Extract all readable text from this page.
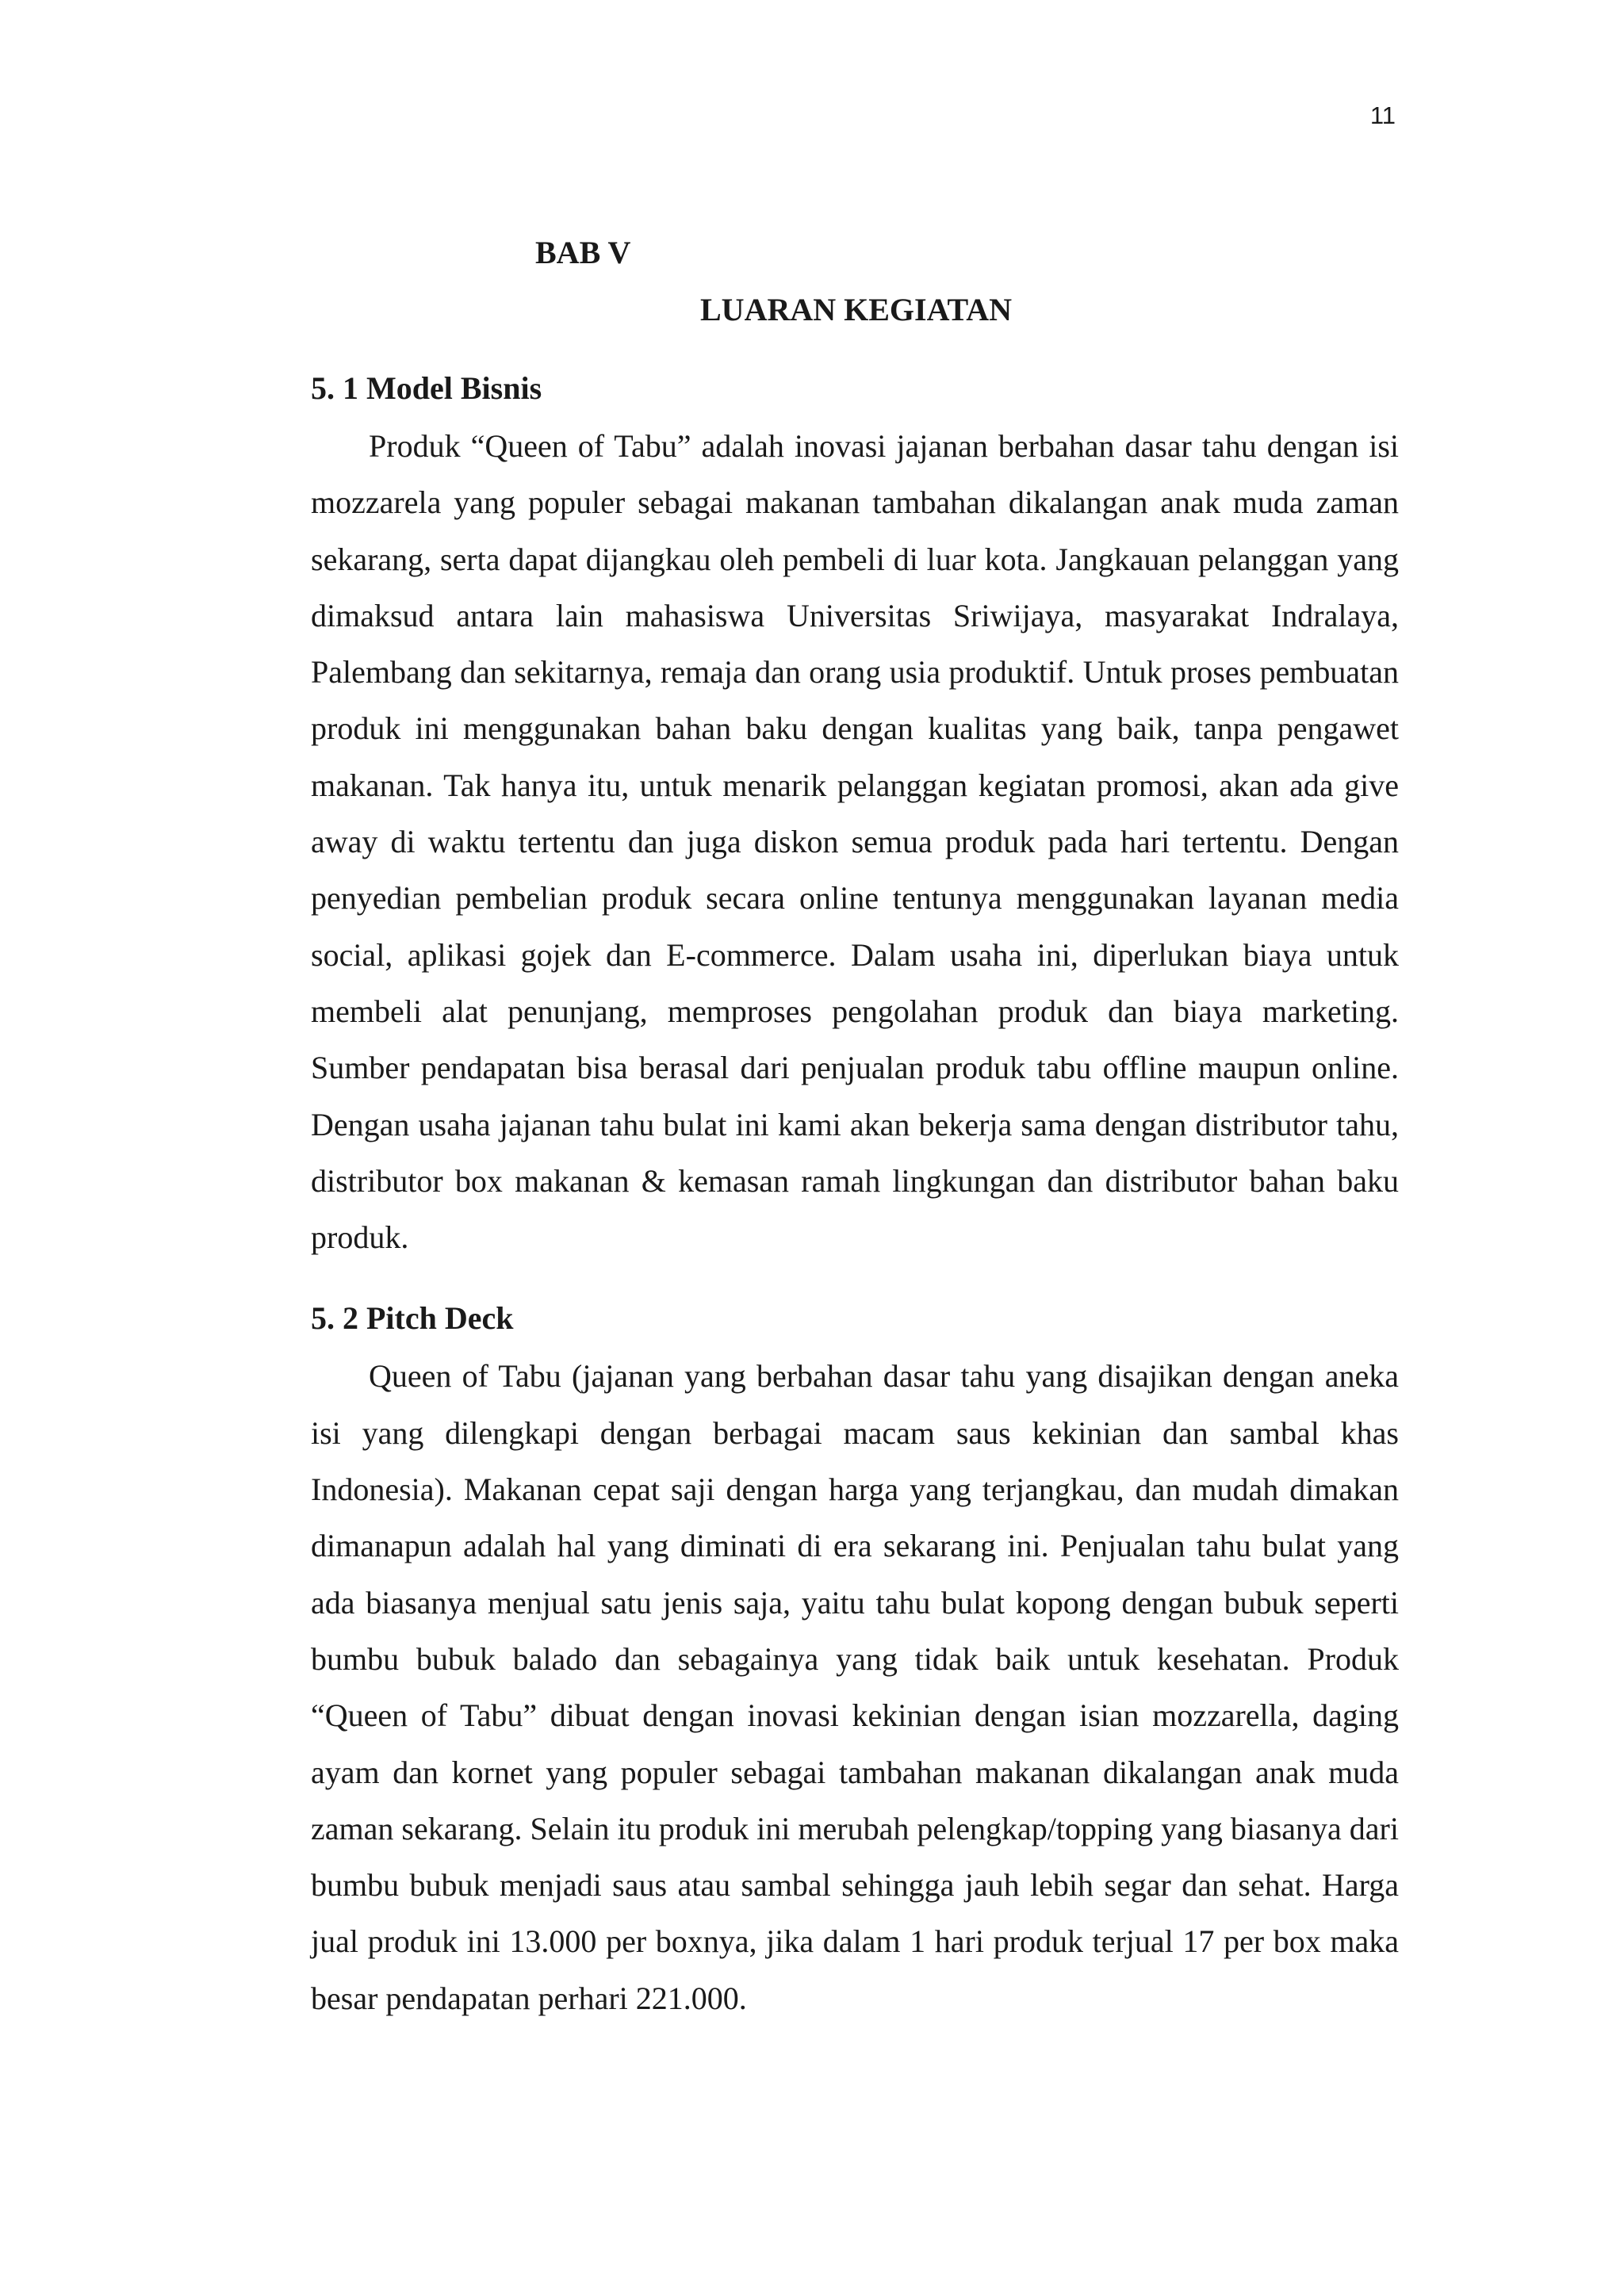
11
BAB V
LUARAN KEGIATAN
5. 1 Model Bisnis

Produk “Queen of Tabu” adalah inovasi jajanan berbahan dasar tahu dengan isi mozzarela yang populer sebagai makanan tambahan dikalangan anak muda zaman sekarang, serta dapat dijangkau oleh pembeli di luar kota. Jangkauan pelanggan yang dimaksud antara lain mahasiswa Universitas Sriwijaya, masyarakat Indralaya, Palembang dan sekitarnya, remaja dan orang usia produktif. Untuk proses pembuatan produk ini menggunakan bahan baku dengan kualitas yang baik, tanpa pengawet makanan. Tak hanya itu, untuk menarik pelanggan kegiatan promosi, akan ada give away di waktu tertentu dan juga diskon semua produk pada hari tertentu. Dengan penyedian pembelian produk secara online tentunya menggunakan layanan media social, aplikasi gojek dan E-commerce. Dalam usaha ini, diperlukan biaya untuk membeli alat penunjang, memproses pengolahan produk dan biaya marketing. Sumber pendapatan bisa berasal dari penjualan produk tabu offline maupun online. Dengan usaha jajanan tahu bulat ini kami akan bekerja sama dengan distributor tahu, distributor box makanan & kemasan ramah lingkungan dan distributor bahan baku produk.

5. 2 Pitch Deck

Queen of Tabu (jajanan yang berbahan dasar tahu yang disajikan dengan aneka isi yang dilengkapi dengan berbagai macam saus kekinian dan sambal khas Indonesia). Makanan cepat saji dengan harga yang terjangkau, dan mudah dimakan dimanapun adalah hal yang diminati di era sekarang ini. Penjualan tahu bulat yang ada biasanya menjual satu jenis saja, yaitu tahu bulat kopong dengan bubuk seperti bumbu bubuk balado dan sebagainya yang tidak baik untuk kesehatan. Produk “Queen of Tabu” dibuat dengan inovasi kekinian dengan isian mozzarella, daging ayam dan kornet yang populer sebagai tambahan makanan dikalangan anak muda zaman sekarang. Selain itu produk ini merubah pelengkap/topping yang biasanya dari bumbu bubuk menjadi saus atau sambal sehingga jauh lebih segar dan sehat. Harga jual produk ini 13.000 per boxnya, jika dalam 1 hari produk terjual 17 per box maka besar pendapatan perhari 221.000.
